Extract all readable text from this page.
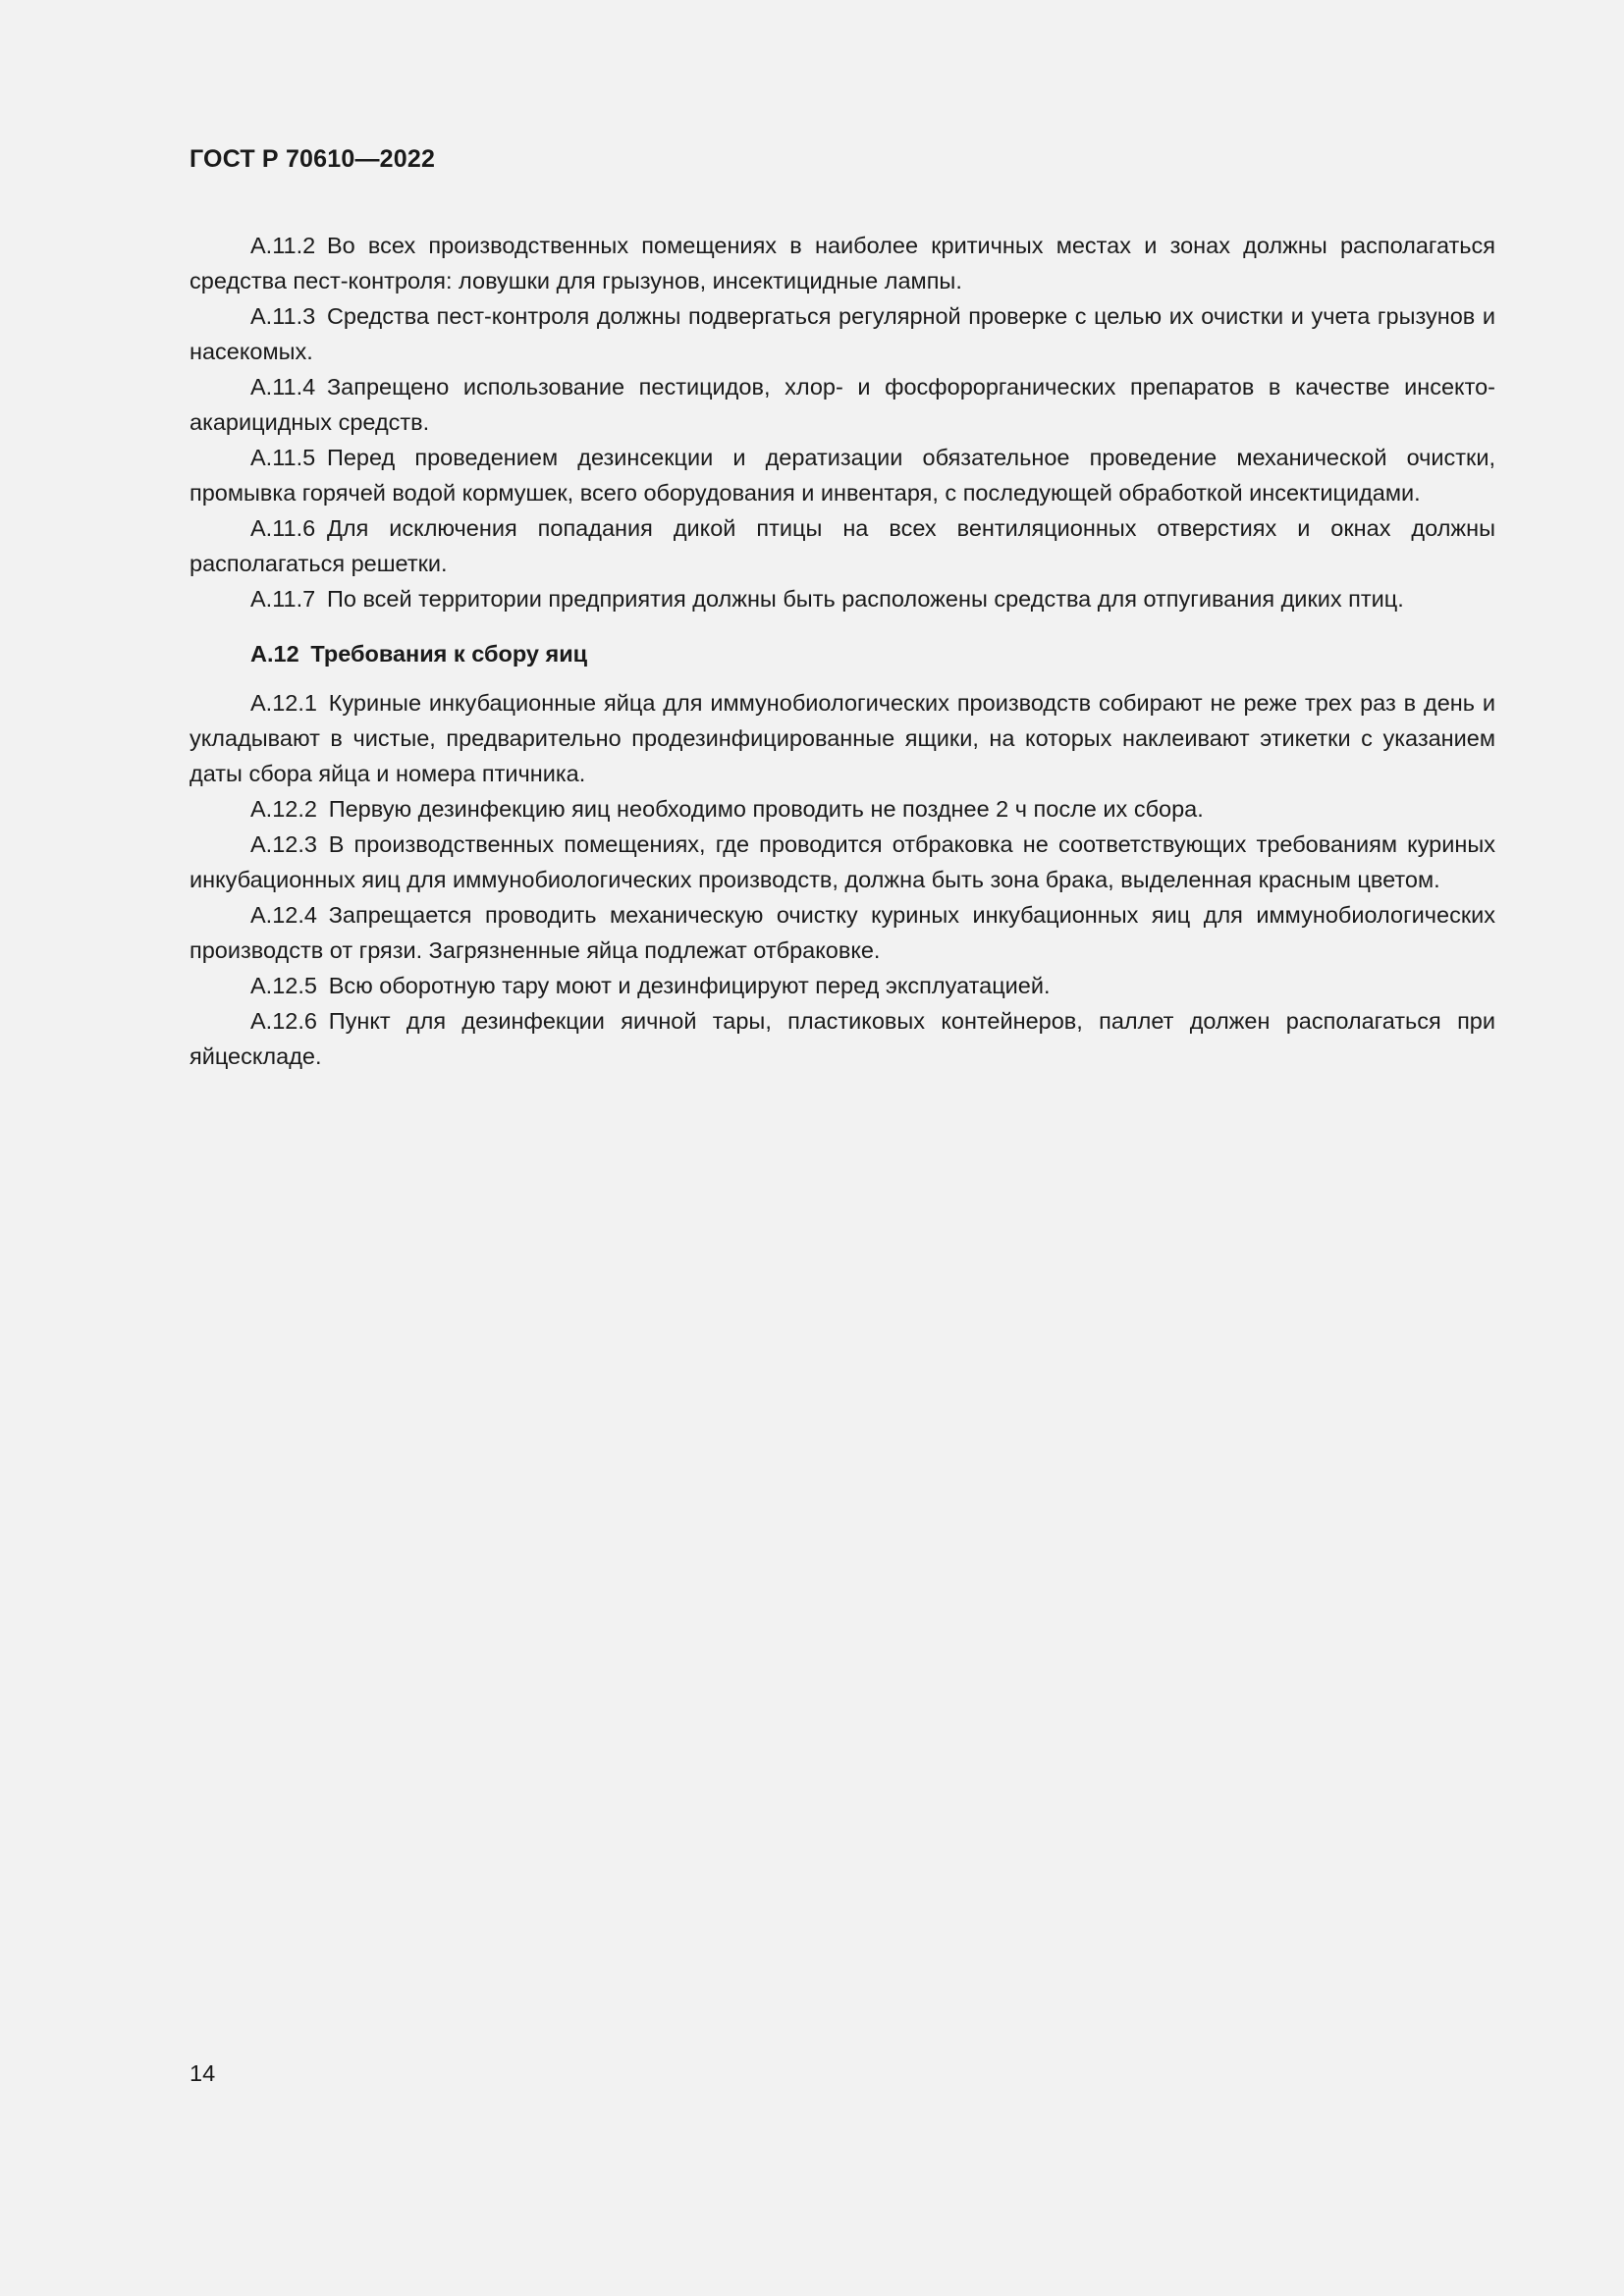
ГОСТ Р 70610—2022

А.11.2 Во всех производственных помещениях в наиболее критичных местах и зонах должны располагаться средства пест-контроля: ловушки для грызунов, инсектицидные лампы.

А.11.3 Средства пест-контроля должны подвергаться регулярной проверке с целью их очистки и учета грызунов и насекомых.

А.11.4 Запрещено использование пестицидов, хлор- и фосфорорганических препаратов в качестве инсекто-акарицидных средств.

А.11.5 Перед проведением дезинсекции и дератизации обязательное проведение механической очистки, промывка горячей водой кормушек, всего оборудования и инвентаря, с последующей обработкой инсектицидами.

А.11.6 Для исключения попадания дикой птицы на всех вентиляционных отверстиях и окнах должны располагаться решетки.

А.11.7 По всей территории предприятия должны быть расположены средства для отпугивания диких птиц.

А.12 Требования к сбору яиц

А.12.1 Куриные инкубационные яйца для иммунобиологических производств собирают не реже трех раз в день и укладывают в чистые, предварительно продезинфицированные ящики, на которых наклеивают этикетки с указанием даты сбора яйца и номера птичника.

А.12.2 Первую дезинфекцию яиц необходимо проводить не позднее 2 ч после их сбора.

А.12.3 В производственных помещениях, где проводится отбраковка не соответствующих требованиям куриных инкубационных яиц для иммунобиологических производств, должна быть зона брака, выделенная красным цветом.

А.12.4 Запрещается проводить механическую очистку куриных инкубационных яиц для иммунобиологических производств от грязи. Загрязненные яйца подлежат отбраковке.

А.12.5 Всю оборотную тару моют и дезинфицируют перед эксплуатацией.

А.12.6 Пункт для дезинфекции яичной тары, пластиковых контейнеров, паллет должен располагаться при яйцескладе.

14
